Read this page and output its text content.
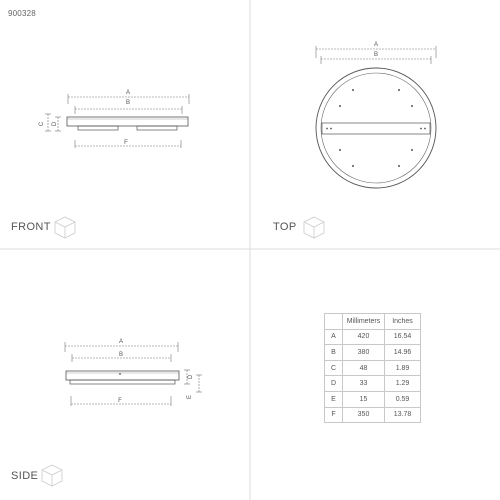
900328
A
B
C D
F
A
B
A
B
D
E
F
FRONT	TOP
SIDE
	Millimeters	Inches
A	420	16.54
B	380	14.96
C	48	1.89
D	33	1.29
E	15	0.59
F	350	13.78
